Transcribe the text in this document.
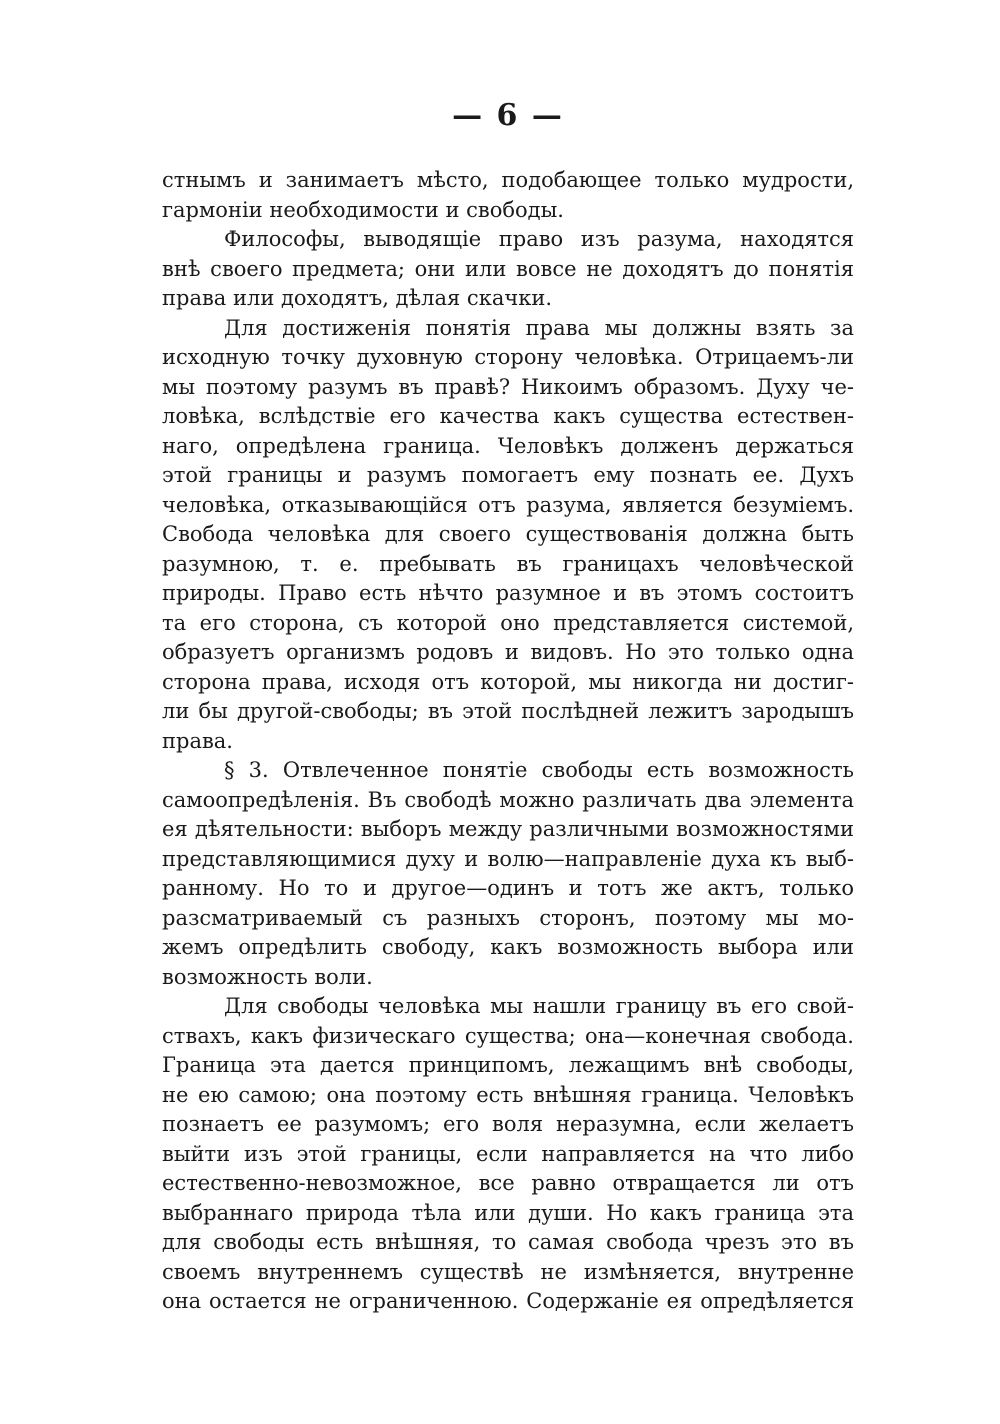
— 6 —
стнымъ и занимаетъ мѣсто, подобающее только мудрости,
гармоніи необходимости и свободы.
Философы, выводящіе право изъ разума, находятся
внѣ своего предмета; они или вовсе не доходятъ до понятія
права или доходятъ, дѣлая скачки.
Для достиженія понятія права мы должны взять за
исходную точку духовную сторону человѣка. Отрицаемъ-ли
мы поэтому разумъ въ правѣ? Никоимъ образомъ. Духу че-
ловѣка, вслѣдствіе его качества какъ существа естествен-
наго, опредѣлена граница. Человѣкъ долженъ держаться
этой границы и разумъ помогаетъ ему познать ее. Духъ
человѣка, отказывающійся отъ разума, является безуміемъ.
Свобода человѣка для своего существованія должна быть
разумною, т. е. пребывать въ границахъ человѣческой
природы. Право есть нѣчто разумное и въ этомъ состоитъ
та его сторона, съ которой оно представляется системой,
образуетъ организмъ родовъ и видовъ. Но это только одна
сторона права, исходя отъ которой, мы никогда ни достиг-
ли бы другой-свободы; въ этой послѣдней лежитъ зародышъ
права.
§ 3. Отвлеченное понятіе свободы есть возможность
самоопредѣленія. Въ свободѣ можно различать два элемента
ея дѣятельности: выборъ между различными возможностями
представляющимися духу и волю—направленіе духа къ выб-
ранному. Но то и другое—одинъ и тотъ же актъ, только
разсматриваемый съ разныхъ сторонъ, поэтому мы мо-
жемъ опредѣлить свободу, какъ возможность выбора или
возможность воли.
Для свободы человѣка мы нашли границу въ его свой-
ствахъ, какъ физическаго существа; она—конечная свобода.
Граница эта дается принципомъ, лежащимъ внѣ свободы,
не ею самою; она поэтому есть внѣшняя граница. Человѣкъ
познаетъ ее разумомъ; его воля неразумна, если желаетъ
выйти изъ этой границы, если направляется на что либо
естественно-невозможное, все равно отвращается ли отъ
выбраннаго природа тѣла или души. Но какъ граница эта
для свободы есть внѣшняя, то самая свобода чрезъ это въ
своемъ внутреннемъ существѣ не измѣняется, внутренне
она остается не ограниченною. Содержаніе ея опредѣляется
